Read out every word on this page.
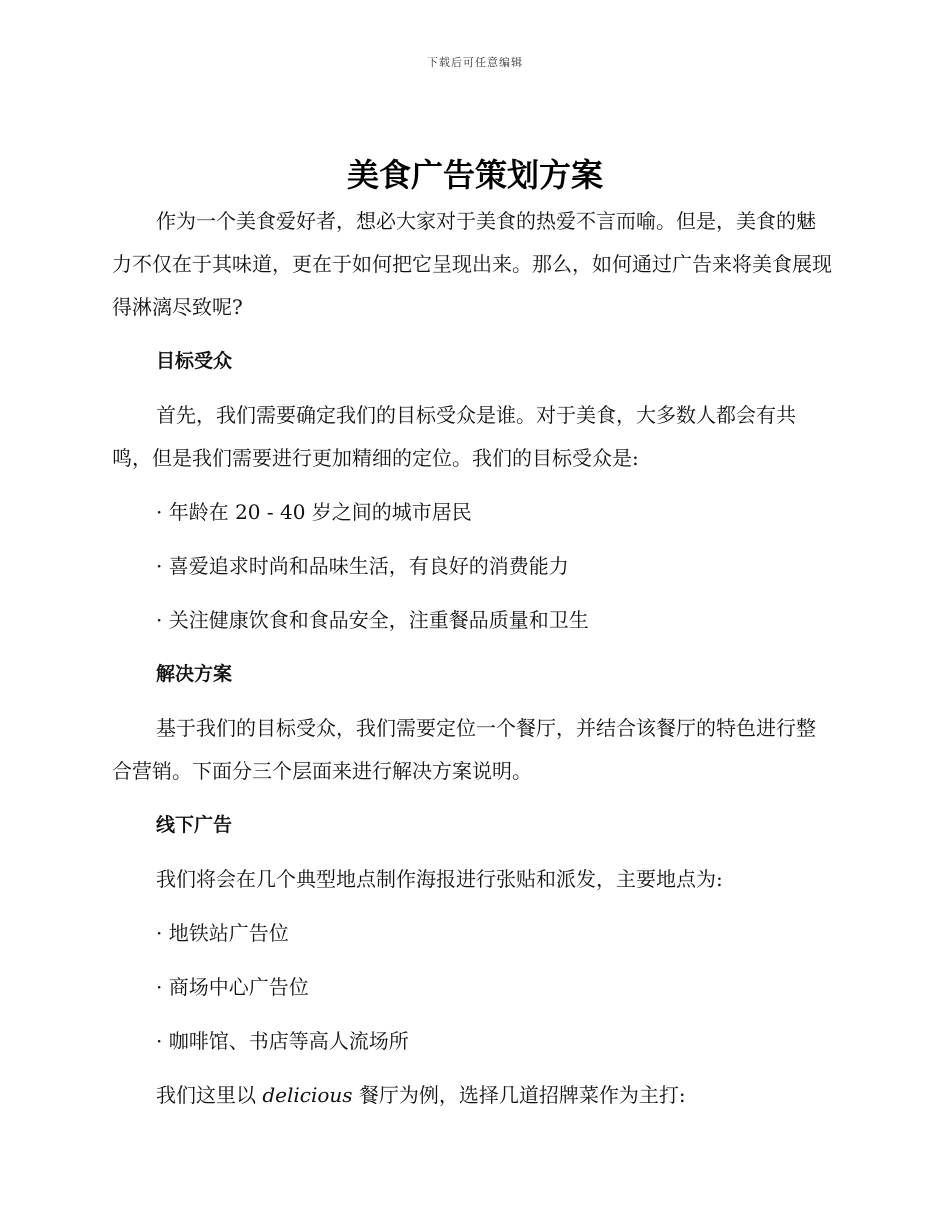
下载后可任意编辑
美食广告策划方案

作为一个美食爱好者，想必大家对于美食的热爱不言而喻。但是，美食的魅力不仅在于其味道，更在于如何把它呈现出来。那么，如何通过广告来将美食展现得淋漓尽致呢?

目标受众

首先，我们需要确定我们的目标受众是谁。对于美食，大多数人都会有共鸣，但是我们需要进行更加精细的定位。我们的目标受众是:

· 年龄在 20 - 40 岁之间的城市居民

· 喜爱追求时尚和品味生活，有良好的消费能力

· 关注健康饮食和食品安全，注重餐品质量和卫生

解决方案

基于我们的目标受众，我们需要定位一个餐厅，并结合该餐厅的特色进行整合营销。下面分三个层面来进行解决方案说明。

线下广告

我们将会在几个典型地点制作海报进行张贴和派发，主要地点为:

· 地铁站广告位

· 商场中心广告位

· 咖啡馆、书店等高人流场所

我们这里以 delicious 餐厅为例，选择几道招牌菜作为主打:
